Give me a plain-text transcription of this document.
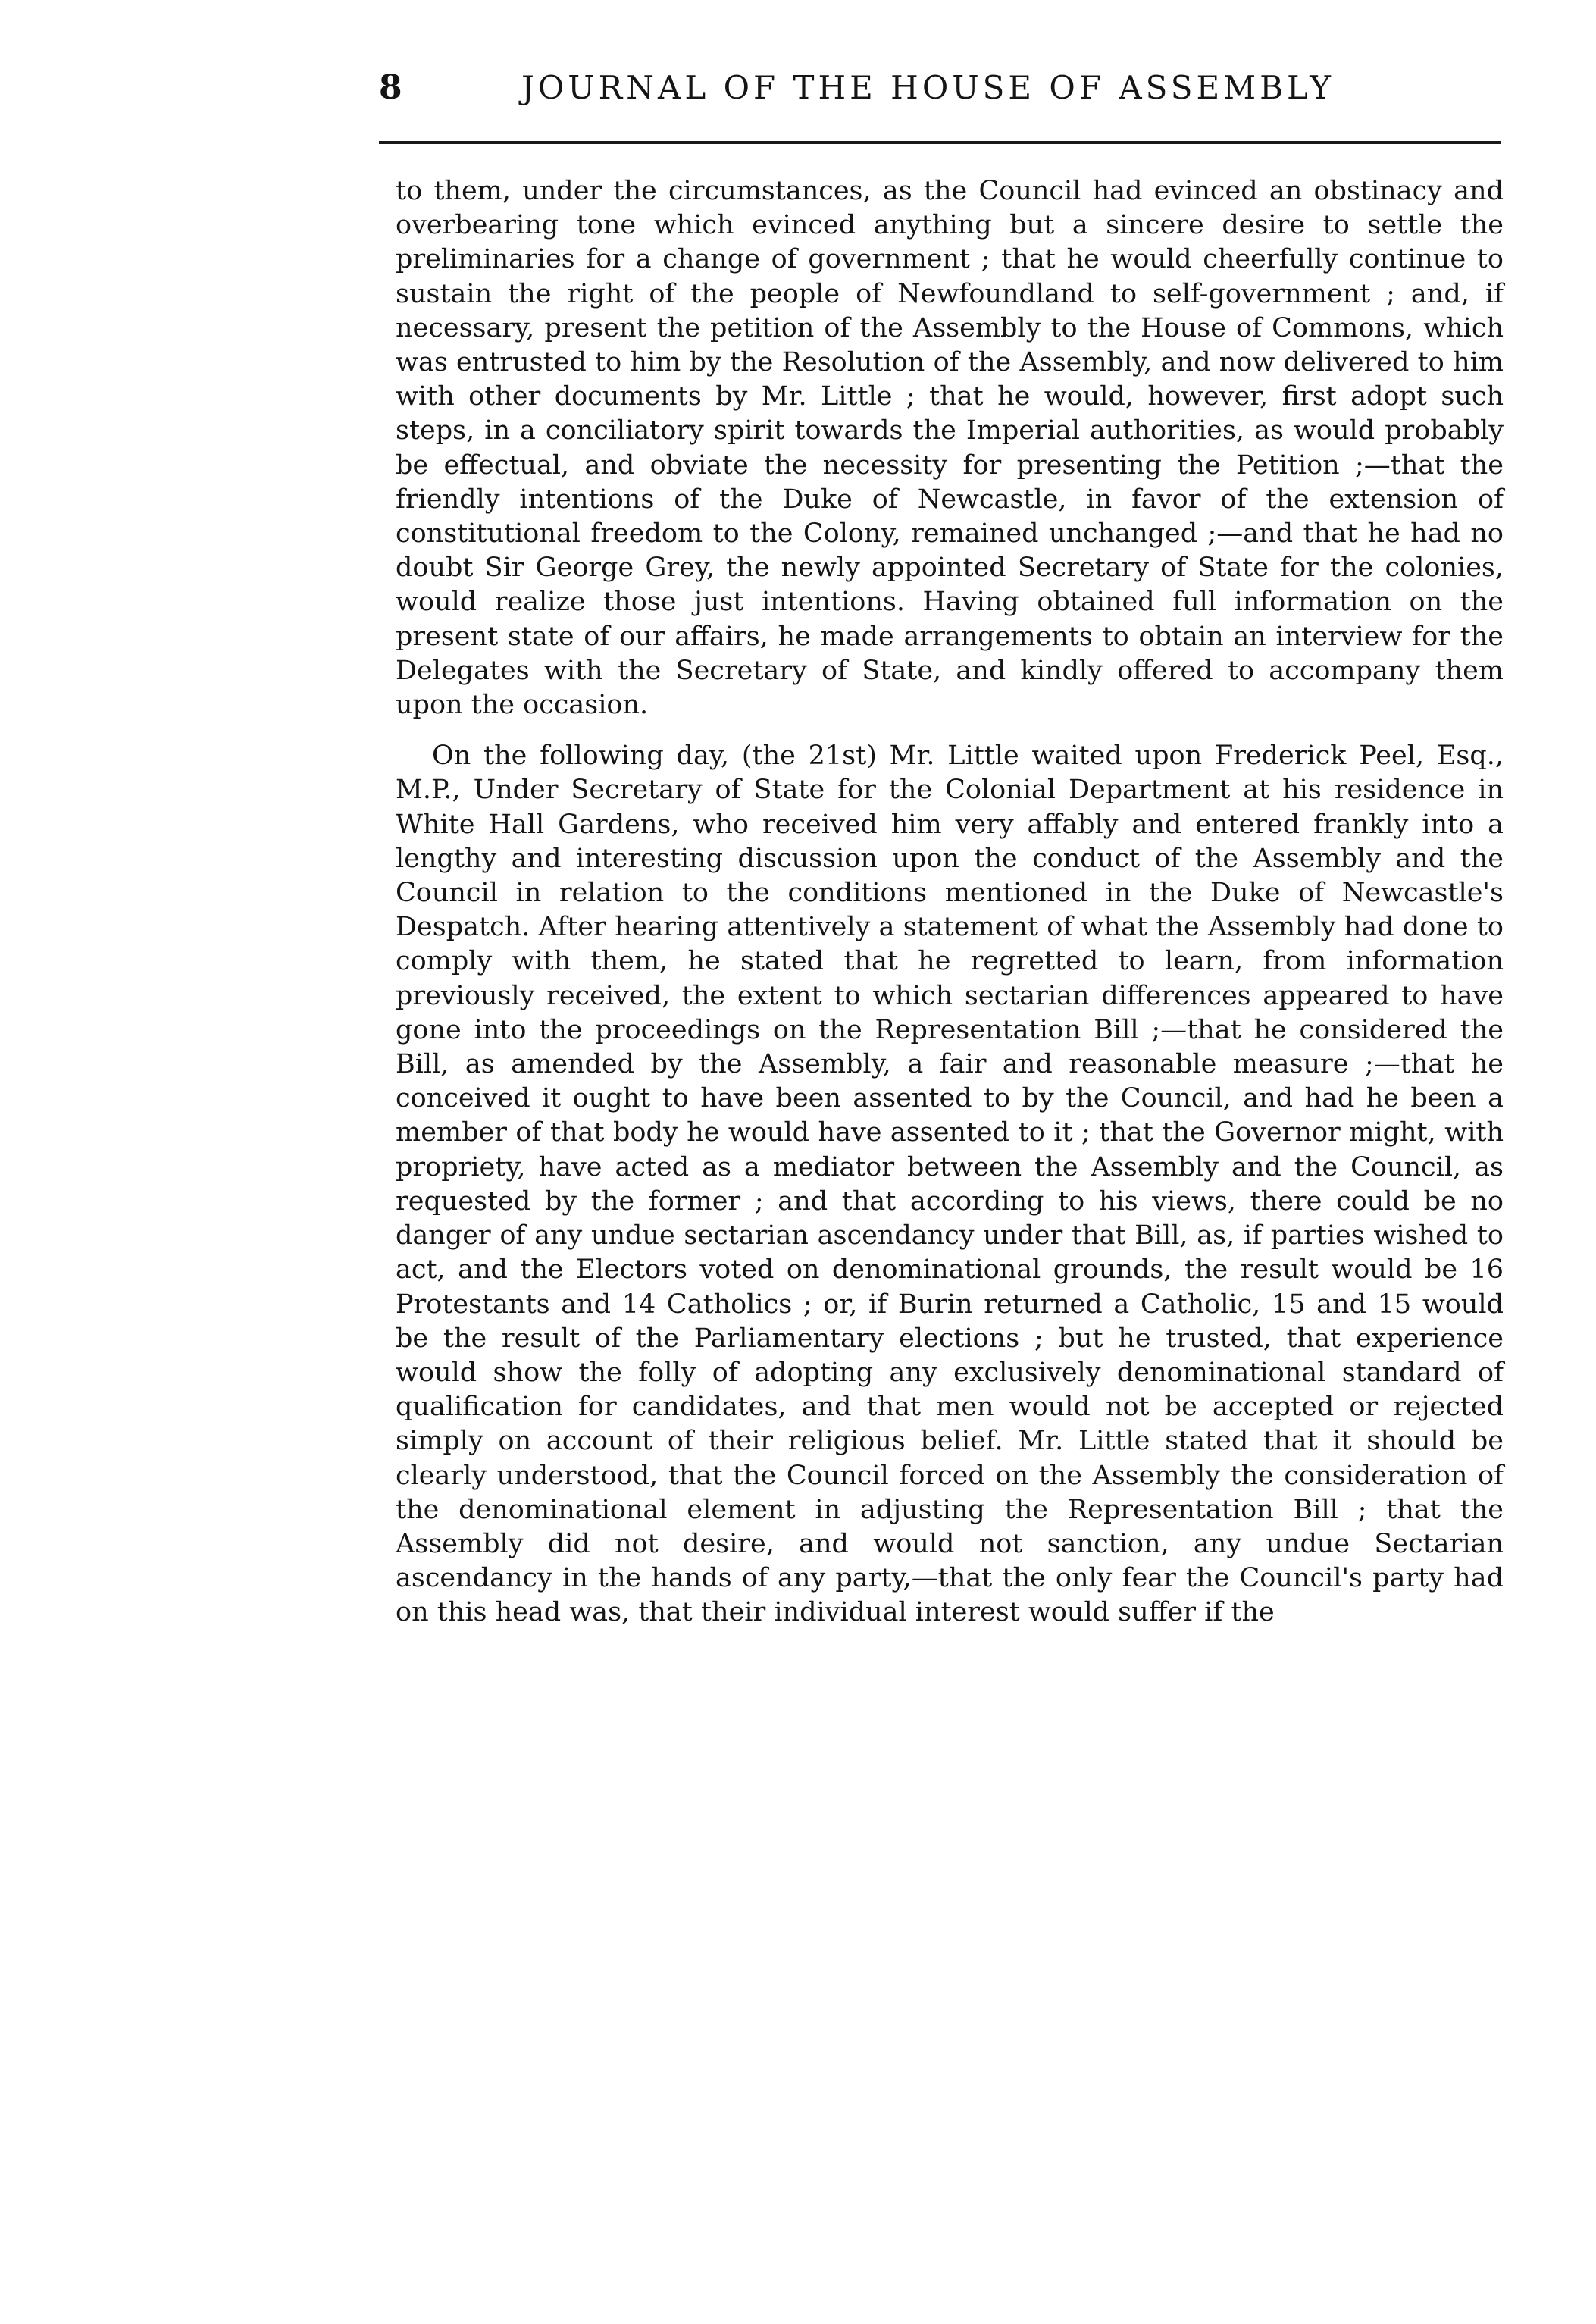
8	JOURNAL OF THE HOUSE OF ASSEMBLY

to them, under the circumstances, as the Council had evinced an obstinacy and overbearing tone which evinced anything but a sincere desire to settle the preliminaries for a change of government ; that he would cheerfully continue to sustain the right of the people of Newfoundland to self-government ; and, if necessary, present the petition of the Assembly to the House of Commons, which was entrusted to him by the Resolution of the Assembly, and now delivered to him with other documents by Mr. Little ; that he would, however, first adopt such steps, in a conciliatory spirit towards the Imperial authorities, as would probably be effectual, and obviate the necessity for presenting the Petition ;—that the friendly intentions of the Duke of Newcastle, in favor of the extension of constitutional freedom to the Colony, remained unchanged ;—and that he had no doubt Sir George Grey, the newly appointed Secretary of State for the colonies, would realize those just intentions. Having obtained full information on the present state of our affairs, he made arrangements to obtain an interview for the Delegates with the Secretary of State, and kindly offered to accompany them upon the occasion.

On the following day, (the 21st) Mr. Little waited upon Frederick Peel, Esq., M.P., Under Secretary of State for the Colonial Department at his residence in White Hall Gardens, who received him very affably and entered frankly into a lengthy and interesting discussion upon the conduct of the Assembly and the Council in relation to the conditions mentioned in the Duke of Newcastle's Despatch. After hearing attentively a statement of what the Assembly had done to comply with them, he stated that he regretted to learn, from information previously received, the extent to which sectarian differences appeared to have gone into the proceedings on the Representation Bill ;—that he considered the Bill, as amended by the Assembly, a fair and reasonable measure ;—that he conceived it ought to have been assented to by the Council, and had he been a member of that body he would have assented to it ; that the Governor might, with propriety, have acted as a mediator between the Assembly and the Council, as requested by the former ; and that according to his views, there could be no danger of any undue sectarian ascendancy under that Bill, as, if parties wished to act, and the Electors voted on denominational grounds, the result would be 16 Protestants and 14 Catholics ; or, if Burin returned a Catholic, 15 and 15 would be the result of the Parliamentary elections ; but he trusted, that experience would show the folly of adopting any exclusively denominational standard of qualification for candidates, and that men would not be accepted or rejected simply on account of their religious belief. Mr. Little stated that it should be clearly understood, that the Council forced on the Assembly the consideration of the denominational element in adjusting the Representation Bill ; that the Assembly did not desire, and would not sanction, any undue Sectarian ascendancy in the hands of any party,—that the only fear the Council's party had on this head was, that their individual interest would suffer if the
